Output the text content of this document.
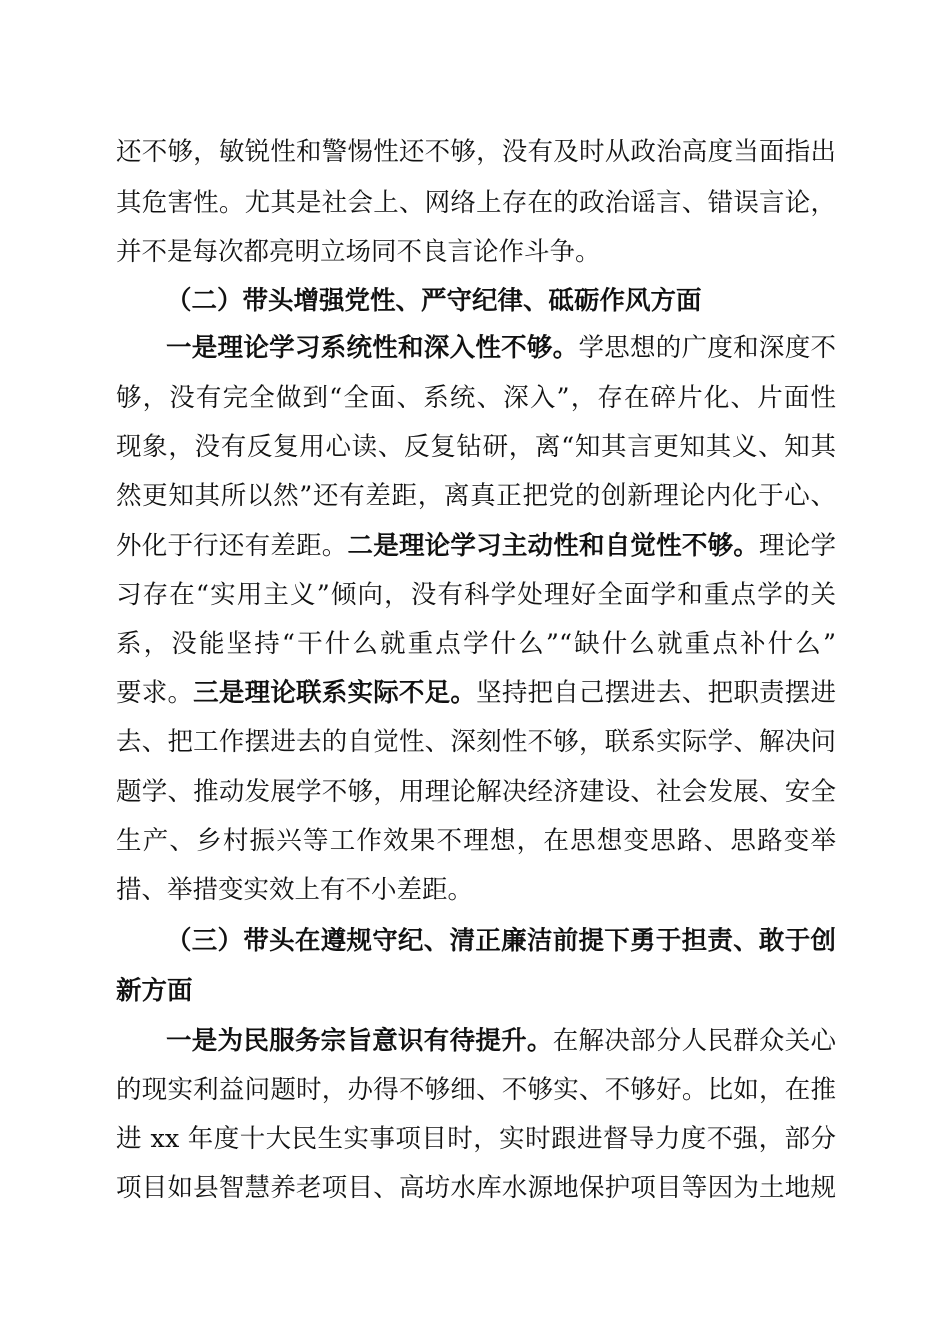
还不够，敏锐性和警惕性还不够，没有及时从政治高度当面指出
其危害性。尤其是社会上、网络上存在的政治谣言、错误言论，
并不是每次都亮明立场同不良言论作斗争。
（二）带头增强党性、严守纪律、砥砺作风方面
一是理论学习系统性和深入性不够。学思想的广度和深度不
够，没有完全做到“全面、系统、深入”，存在碎片化、片面性
现象，没有反复用心读、反复钻研，离“知其言更知其义、知其
然更知其所以然”还有差距，离真正把党的创新理论内化于心、
外化于行还有差距。二是理论学习主动性和自觉性不够。理论学
习存在“实用主义”倾向，没有科学处理好全面学和重点学的关
系，没能坚持“干什么就重点学什么”“缺什么就重点补什么”
要求。三是理论联系实际不足。坚持把自己摆进去、把职责摆进
去、把工作摆进去的自觉性、深刻性不够，联系实际学、解决问
题学、推动发展学不够，用理论解决经济建设、社会发展、安全
生产、乡村振兴等工作效果不理想，在思想变思路、思路变举
措、举措变实效上有不小差距。
（三）带头在遵规守纪、清正廉洁前提下勇于担责、敢于创
新方面
一是为民服务宗旨意识有待提升。在解决部分人民群众关心
的现实利益问题时，办得不够细、不够实、不够好。比如，在推
进 xx 年度十大民生实事项目时，实时跟进督导力度不强，部分
项目如县智慧养老项目、高坊水库水源地保护项目等因为土地规
